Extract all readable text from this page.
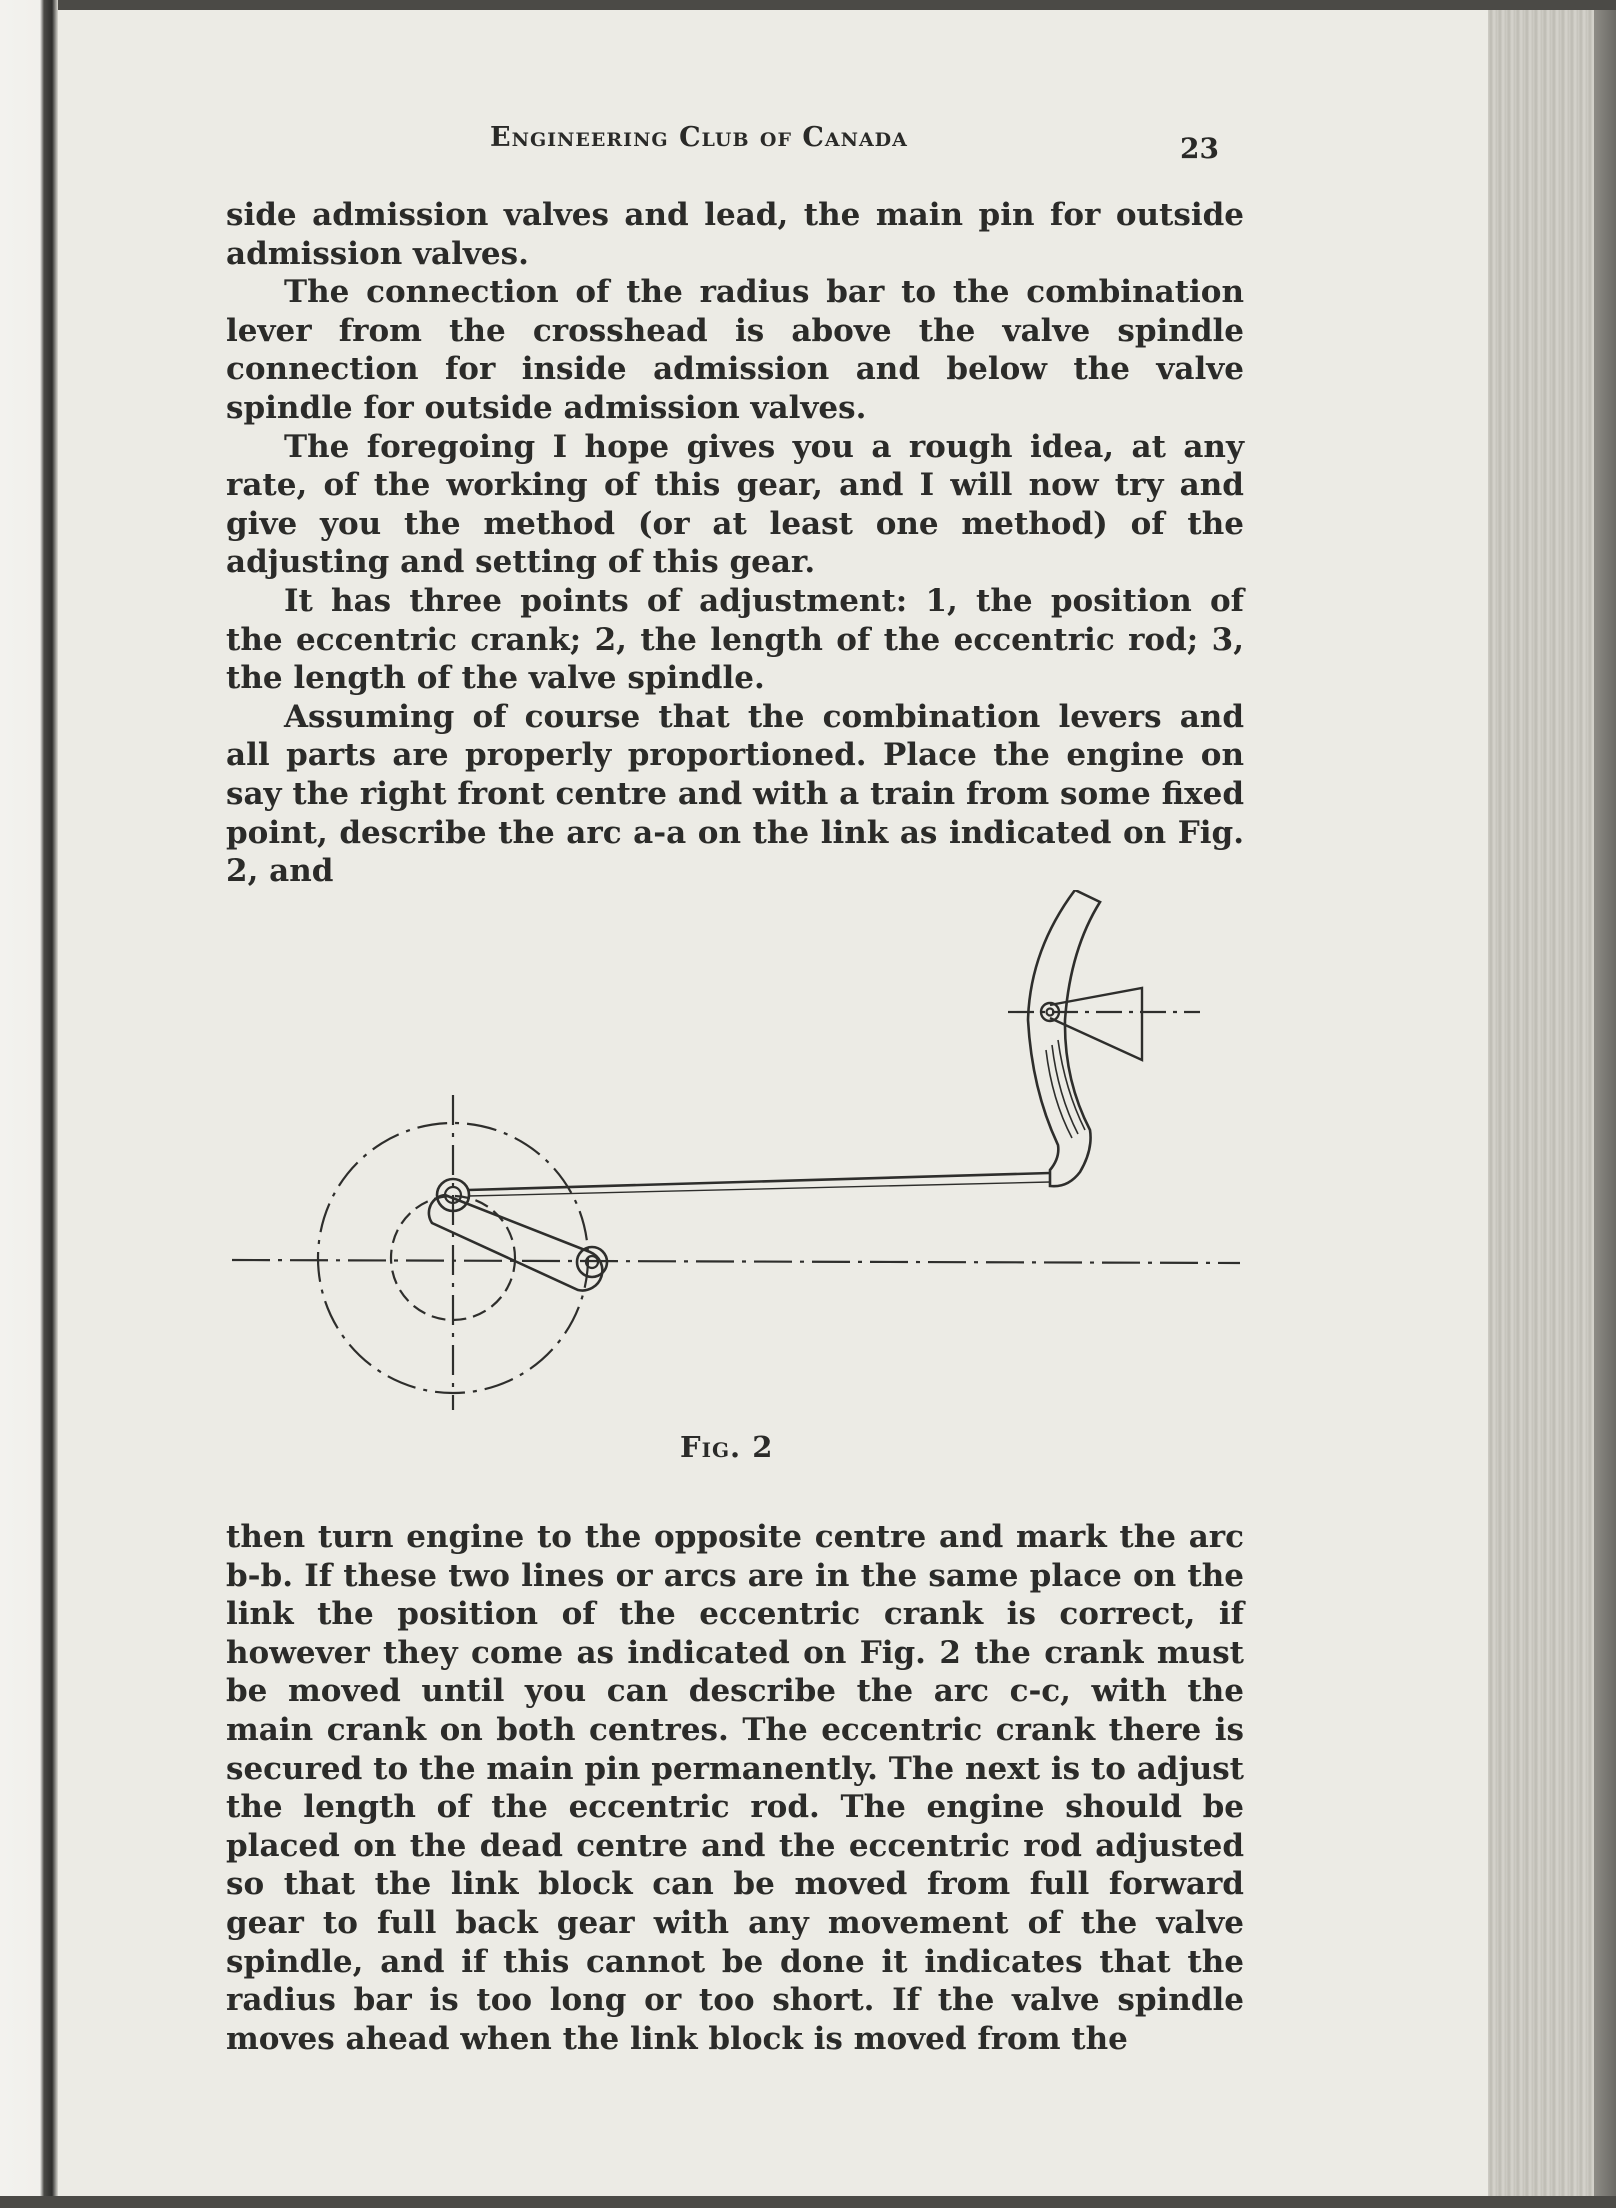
Engineering Club of Canada	23

side admission valves and lead, the main pin for outside admission valves.

The connection of the radius bar to the combination lever from the crosshead is above the valve spindle connection for inside admission and below the valve spindle for outside admission valves.

The foregoing I hope gives you a rough idea, at any rate, of the working of this gear, and I will now try and give you the method (or at least one method) of the adjusting and setting of this gear.

It has three points of adjustment: 1, the position of the eccentric crank; 2, the length of the eccentric rod; 3, the length of the valve spindle.

Assuming of course that the combination levers and all parts are properly proportioned. Place the engine on say the right front centre and with a train from some fixed point, describe the arc a-a on the link as indicated on Fig. 2, and

Fig. 2

then turn engine to the opposite centre and mark the arc b-b. If these two lines or arcs are in the same place on the link the position of the eccentric crank is correct, if however they come as indicated on Fig. 2 the crank must be moved until you can describe the arc c-c, with the main crank on both centres. The eccentric crank there is secured to the main pin permanently. The next is to adjust the length of the eccentric rod. The engine should be placed on the dead centre and the eccentric rod adjusted so that the link block can be moved from full forward gear to full back gear with any movement of the valve spindle, and if this cannot be done it indicates that the radius bar is too long or too short. If the valve spindle moves ahead when the link block is moved from the
